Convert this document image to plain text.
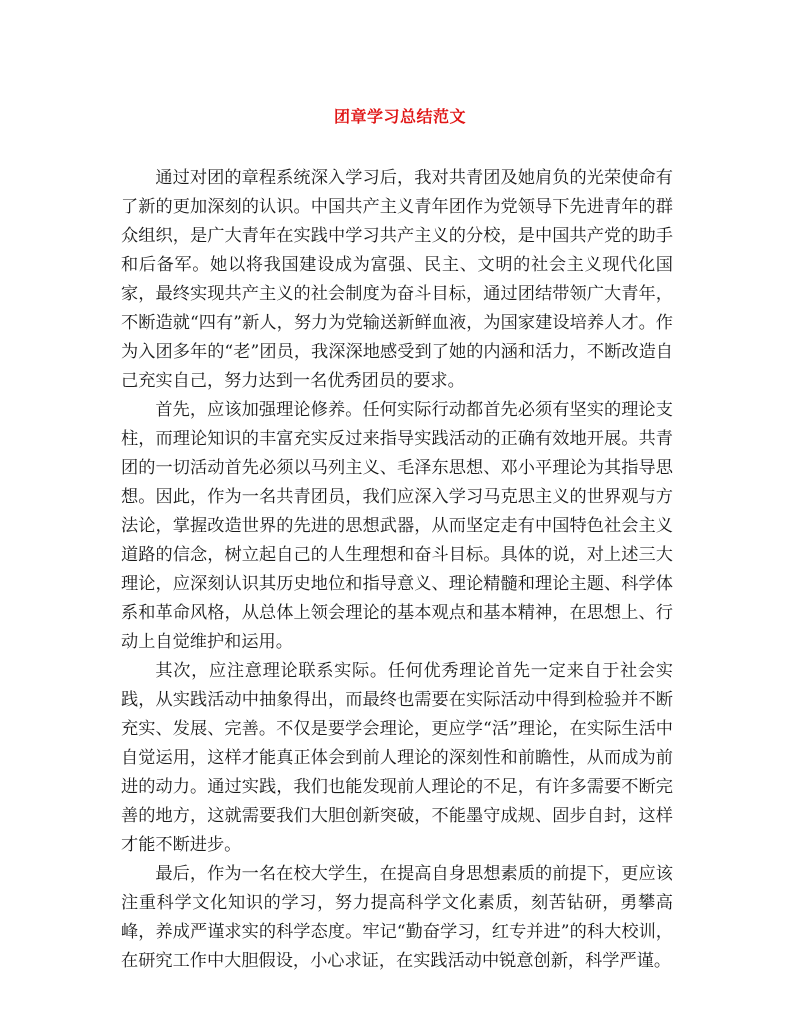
团章学习总结范文

通过对团的章程系统深入学习后，我对共青团及她肩负的光荣使命有了新的更加深刻的认识。中国共产主义青年团作为党领导下先进青年的群众组织，是广大青年在实践中学习共产主义的分校，是中国共产党的助手和后备军。她以将我国建设成为富强、民主、文明的社会主义现代化国家，最终实现共产主义的社会制度为奋斗目标，通过团结带领广大青年，不断造就“四有”新人，努力为党输送新鲜血液，为国家建设培养人才。作为入团多年的“老”团员，我深深地感受到了她的内涵和活力，不断改造自己充实自己，努力达到一名优秀团员的要求。

首先，应该加强理论修养。任何实际行动都首先必须有坚实的理论支柱，而理论知识的丰富充实反过来指导实践活动的正确有效地开展。共青团的一切活动首先必须以马列主义、毛泽东思想、邓小平理论为其指导思想。因此，作为一名共青团员，我们应深入学习马克思主义的世界观与方法论，掌握改造世界的先进的思想武器，从而坚定走有中国特色社会主义道路的信念，树立起自己的人生理想和奋斗目标。具体的说，对上述三大理论，应深刻认识其历史地位和指导意义、理论精髓和理论主题、科学体系和革命风格，从总体上领会理论的基本观点和基本精神，在思想上、行动上自觉维护和运用。

其次，应注意理论联系实际。任何优秀理论首先一定来自于社会实践，从实践活动中抽象得出，而最终也需要在实际活动中得到检验并不断充实、发展、完善。不仅是要学会理论，更应学“活”理论，在实际生活中自觉运用，这样才能真正体会到前人理论的深刻性和前瞻性，从而成为前进的动力。通过实践，我们也能发现前人理论的不足，有许多需要不断完善的地方，这就需要我们大胆创新突破，不能墨守成规、固步自封，这样才能不断进步。

最后，作为一名在校大学生，在提高自身思想素质的前提下，更应该注重科学文化知识的学习，努力提高科学文化素质，刻苦钻研，勇攀高峰，养成严谨求实的科学态度。牢记“勤奋学习，红专并进”的科大校训，在研究工作中大胆假设，小心求证，在实践活动中锐意创新，科学严谨。
